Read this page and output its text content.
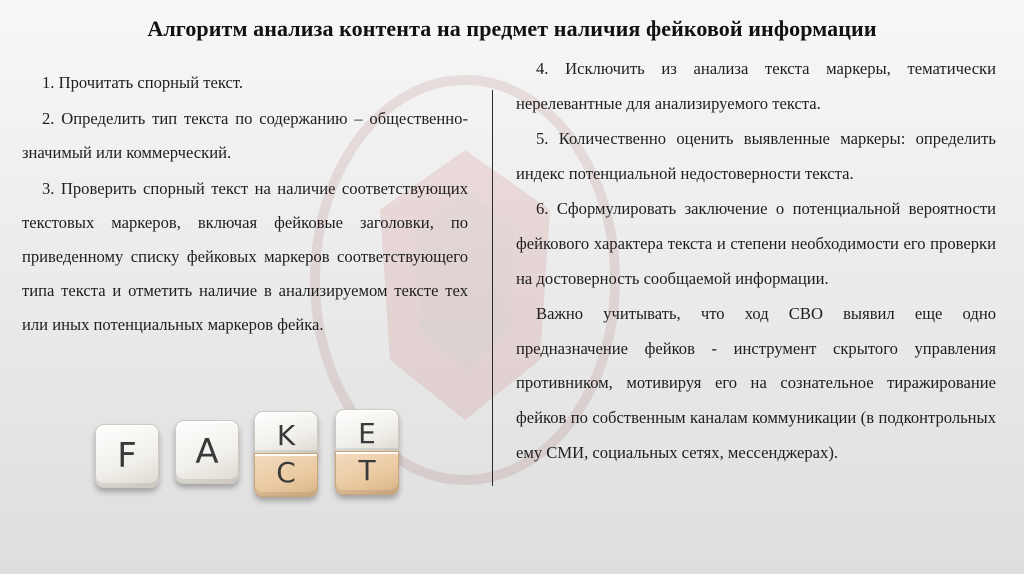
Алгоритм анализа контента на предмет наличия фейковой информации

1. Прочитать спорный текст.

2. Определить тип текста по содержанию – общественно-значимый или коммерческий.

3. Проверить спорный текст на наличие соответствующих текстовых маркеров, включая фейковые заголовки, по приведенному списку фейковых маркеров соответствующего типа текста и отметить наличие в анализируемом тексте тех или иных потенциальных маркеров фейка.

4. Исключить из анализа текста маркеры, тематически нерелевантные для анализируемого текста.

5. Количественно оценить выявленные маркеры: определить индекс потенциальной недостоверности текста.

6. Сформулировать заключение о потенциальной вероятности фейкового характера текста и степени необходимости его проверки на достоверность сообщаемой информации.

Важно учитывать, что ход СВО выявил еще одно предназначение фейков - инструмент скрытого управления противником, мотивируя его на сознательное тиражирование фейков по собственным каналам коммуникации (в подконтрольных ему СМИ, социальных сетях, мессенджерах).

F	A	K
C
E
T
